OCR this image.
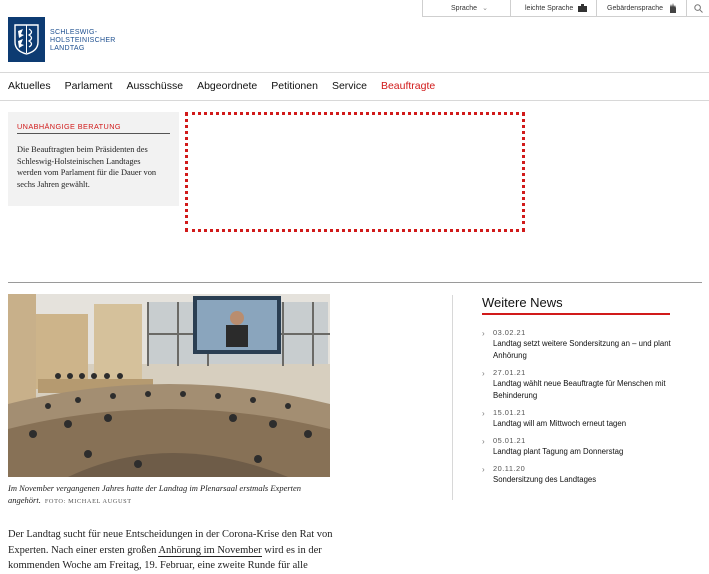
Sprache ⌄	leichte Sprache	Gebärdensprache
SCHLESWIG-
HOLSTEINISCHER
LANDTAG
Aktuelles Parlament Ausschüsse Abgeordnete Petitionen Service Beauftragte
UNABHÄNGIGE BERATUNG
Die Beauftragten beim Präsidenten des Schleswig-Holsteinischen Landtages werden vom Parlament für die Dauer von sechs Jahren gewählt.
Im November vergangenen Jahres hatte der Landtag im Plenarsaal erstmals Experten angehört. FOTO: MICHAEL AUGUST
Der Landtag sucht für neue Entscheidungen in der Corona-Krise den Rat von Experten. Nach einer ersten großen Anhörung im November wird es in der kommenden Woche am Freitag, 19. Februar, eine zweite Runde für alle
Weitere News
› 03.02.21
Landtag setzt weitere Sondersitzung an – und plant Anhörung
› 27.01.21
Landtag wählt neue Beauftragte für Menschen mit Behinderung
› 15.01.21
Landtag will am Mittwoch erneut tagen
› 05.01.21
Landtag plant Tagung am Donnerstag
› 20.11.20
Sondersitzung des Landtages
